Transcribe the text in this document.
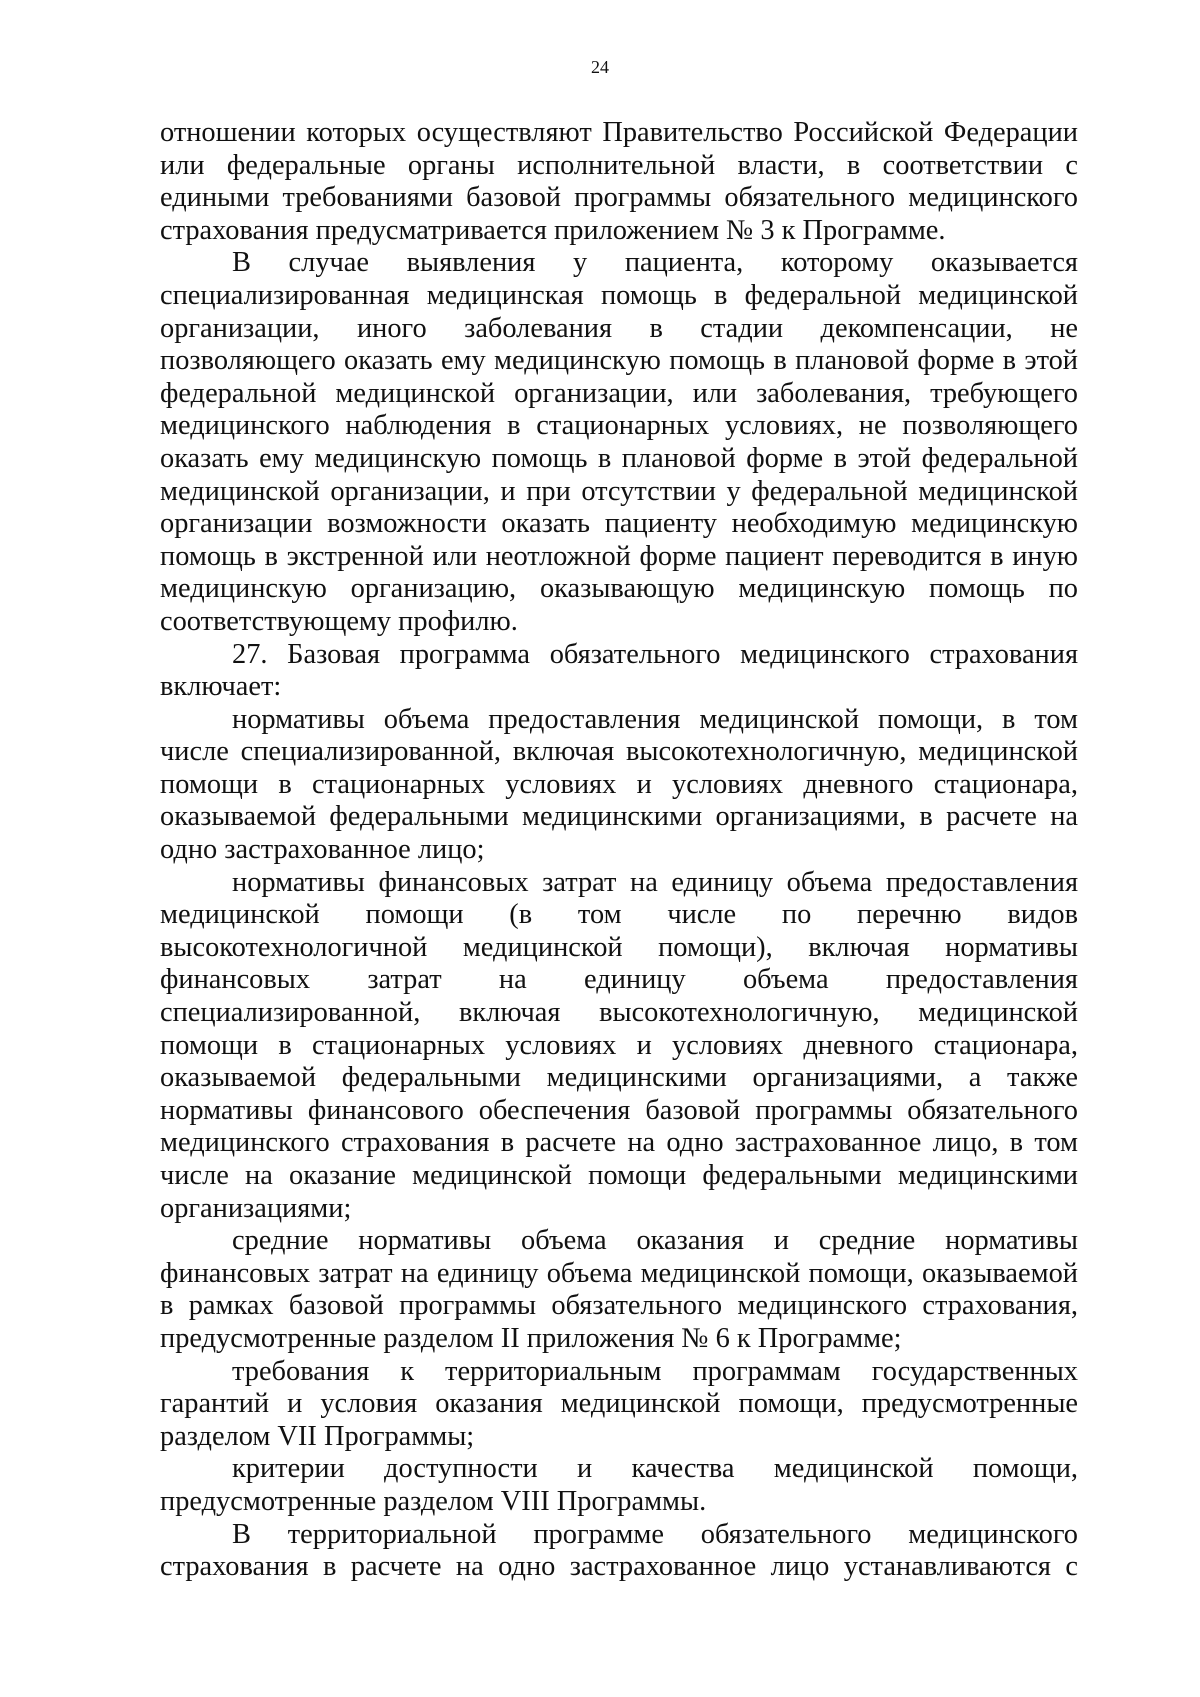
24

отношении которых осуществляют Правительство Российской Федерации или федеральные органы исполнительной власти, в соответствии с едиными требованиями базовой программы обязательного медицинского страхования предусматривается приложением № 3 к Программе.

В случае выявления у пациента, которому оказывается специализированная медицинская помощь в федеральной медицинской организации, иного заболевания в стадии декомпенсации, не позволяющего оказать ему медицинскую помощь в плановой форме в этой федеральной медицинской организации, или заболевания, требующего медицинского наблюдения в стационарных условиях, не позволяющего оказать ему медицинскую помощь в плановой форме в этой федеральной медицинской организации, и при отсутствии у федеральной медицинской организации возможности оказать пациенту необходимую медицинскую помощь в экстренной или неотложной форме пациент переводится в иную медицинскую организацию, оказывающую медицинскую помощь по соответствующему профилю.

27. Базовая программа обязательного медицинского страхования включает:

нормативы объема предоставления медицинской помощи, в том числе специализированной, включая высокотехнологичную, медицинской помощи в стационарных условиях и условиях дневного стационара, оказываемой федеральными медицинскими организациями, в расчете на одно застрахованное лицо;

нормативы финансовых затрат на единицу объема предоставления медицинской помощи (в том числе по перечню видов высокотехнологичной медицинской помощи), включая нормативы финансовых затрат на единицу объема предоставления специализированной, включая высокотехнологичную, медицинской помощи в стационарных условиях и условиях дневного стационара, оказываемой федеральными медицинскими организациями, а также нормативы финансового обеспечения базовой программы обязательного медицинского страхования в расчете на одно застрахованное лицо, в том числе на оказание медицинской помощи федеральными медицинскими организациями;

средние нормативы объема оказания и средние нормативы финансовых затрат на единицу объема медицинской помощи, оказываемой в рамках базовой программы обязательного медицинского страхования, предусмотренные разделом II приложения № 6 к Программе;

требования к территориальным программам государственных гарантий и условия оказания медицинской помощи, предусмотренные разделом VII Программы;

критерии доступности и качества медицинской помощи, предусмотренные разделом VIII Программы.

В территориальной программе обязательного медицинского страхования в расчете на одно застрахованное лицо устанавливаются с
